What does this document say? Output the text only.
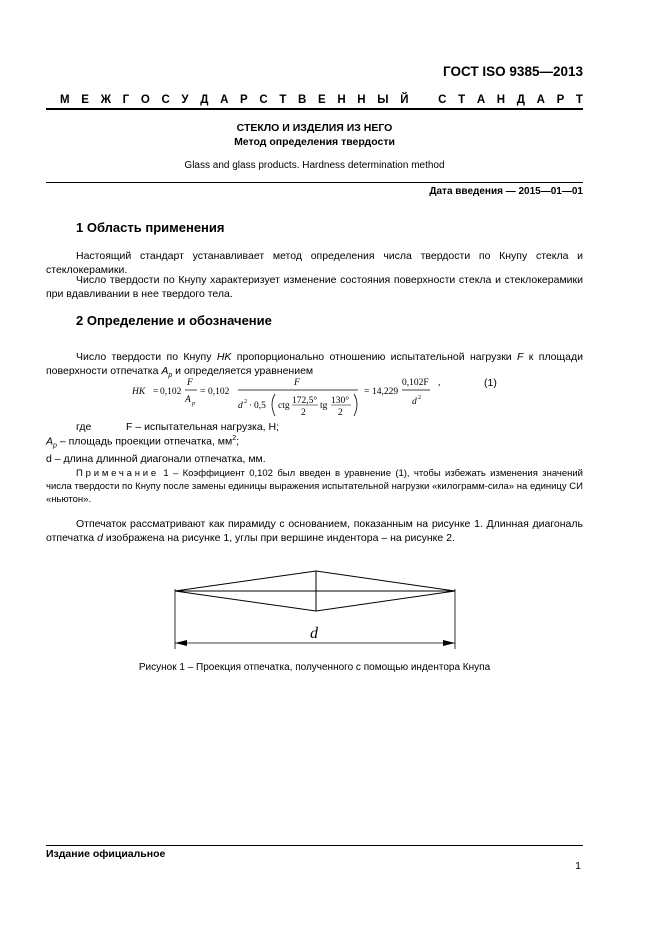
ГОСТ ISO 9385—2013
М Е Ж Г О С У Д А Р С Т В Е Н Н Ы Й
	С Т А Н Д А Р Т
СТЕКЛО И ИЗДЕЛИЯ ИЗ НЕГО
Метод определения твердости
Glass and glass products. Hardness determination method
Дата введения — 2015—01—01
1 Область применения
Настоящий стандарт устанавливает метод определения числа твердости по Кнупу стекла и стеклокерамики.
Число твердости по Кнупу характеризует изменение состояния поверхности стекла и стеклокерамики при вдавливании в нее твердого тела.
2 Определение и обозначение
Число твердости по Кнупу HK пропорционально отношению испытательной нагрузки F к площади поверхности отпечатка $A_p$ и определяется уравнением
HK = 0,102
F
A p
= 0,102
F
d 2 · 0,5 ctg 172,5°
2
tg 130°
2
= 14,229
0,102F
d 2
,	(1)
где	F – испытательная нагрузка, Н;
$A_p$ – площадь проекции отпечатка, $мм^2$;
d – длина длинной диагонали отпечатка, мм.
Примечание 1 – Коэффициент 0,102 был введен в уравнение (1), чтобы избежать изменения значений числа твердости по Кнупу после замены единицы выражения испытательной нагрузки «килограмм-сила» на единицу СИ «ньютон».
Отпечаток рассматривают как пирамиду с основанием, показанным на рисунке 1. Длинная диагональ отпечатка d изображена на рисунке 1, углы при вершине индентора – на рисунке 2.
d
Рисунок 1 – Проекция отпечатка, полученного с помощью индентора Кнупа
Издание официальное
1
